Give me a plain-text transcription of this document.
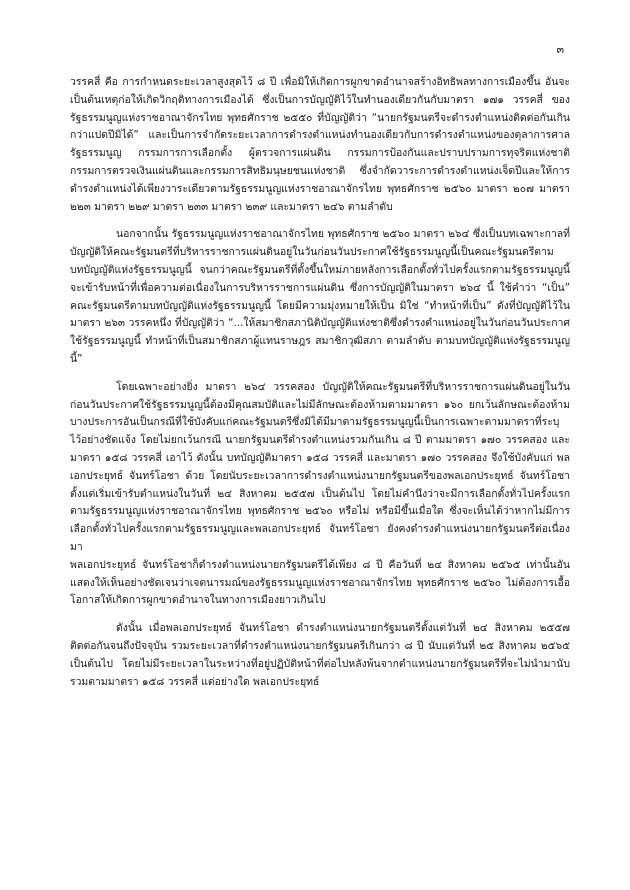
๓

วรรคสี่ คือ การกำหนดระยะเวลาสูงสุดไว้ ๘ ปี เพื่อมิให้เกิดการผูกขาดอำนาจสร้างอิทธิพลทางการเมืองขึ้น อันจะเป็นต้นเหตุก่อให้เกิดวิกฤติทางการเมืองได้ ซึ่งเป็นการบัญญัติไว้ในทำนองเดียวกันกับมาตรา ๑๗๑ วรรคสี่ ของรัฐธรรมนูญแห่งราชอาณาจักรไทย พุทธศักราช ๒๕๕๐ ที่บัญญัติว่า “นายกรัฐมนตรีจะดำรงตำแหน่งติดต่อกันเกินกว่าแปดปีมิได้” และเป็นการจำกัดระยะเวลาการดำรงตำแหน่งทำนองเดียวกับการดำรงตำแหน่งของตุลาการศาลรัฐธรรมนูญ กรรมการการเลือกตั้ง ผู้ตรวจการแผ่นดิน กรรมการป้องกันและปราบปรามการทุจริตแห่งชาติ กรรมการตรวจเงินแผ่นดินและกรรมการสิทธิมนุษยชนแห่งชาติ ซึ่งจำกัดวาระการดำรงตำแหน่งเจ็ดปีและให้การดำรงตำแหน่งได้เพียงวาระเดียวตามรัฐธรรมนูญแห่งราชอาณาจักรไทย พุทธศักราช ๒๕๖๐ มาตรา ๒๐๗ มาตรา ๒๒๓ มาตรา ๒๒๙ มาตรา ๒๓๓ มาตรา ๒๓๙ และมาตรา ๒๔๖ ตามลำดับ

นอกจากนั้น รัฐธรรมนูญแห่งราชอาณาจักรไทย พุทธศักราช ๒๕๖๐ มาตรา ๒๖๔ ซึ่งเป็นบทเฉพาะกาลที่บัญญัติให้คณะรัฐมนตรีที่บริหารราชการแผ่นดินอยู่ในวันก่อนวันประกาศใช้รัฐธรรมนูญนี้เป็นคณะรัฐมนตรีตามบทบัญญัติแห่งรัฐธรรมนูญนี้ จนกว่าคณะรัฐมนตรีที่ตั้งขึ้นใหม่ภายหลังการเลือกตั้งทั่วไปครั้งแรกตามรัฐธรรมนูญนี้จะเข้ารับหน้าที่เพื่อความต่อเนื่องในการบริหารราชการแผ่นดิน ซึ่งการบัญญัติในมาตรา ๒๖๔ นี้ ใช้คำว่า “เป็น” คณะรัฐมนตรีตามบทบัญญัติแห่งรัฐธรรมนูญนี้ โดยมีความมุ่งหมายให้เป็น มิใช่ “ทำหน้าที่เป็น” ดังที่บัญญัติไว้ในมาตรา ๒๖๓ วรรคหนึ่ง ที่บัญญัติว่า “...ให้สมาชิกสภานิติบัญญัติแห่งชาติซึ่งดำรงตำแหน่งอยู่ในวันก่อนวันประกาศใช้รัฐธรรมนูญนี้ ทำหน้าที่เป็นสมาชิกสภาผู้แทนราษฎร สมาชิกวุฒิสภา ตามลำดับ ตามบทบัญญัติแห่งรัฐธรรมนูญนี้”

โดยเฉพาะอย่างยิ่ง มาตรา ๒๖๔ วรรคสอง บัญญัติให้คณะรัฐมนตรีที่บริหารราชการแผ่นดินอยู่ในวันก่อนวันประกาศใช้รัฐธรรมนูญนี้ต้องมีคุณสมบัติและไม่มีลักษณะต้องห้ามตามมาตรา ๑๖๐ ยกเว้นลักษณะต้องห้ามบางประการอันเป็นกรณีที่ใช้บังคับแก่คณะรัฐมนตรีซึ่งมิได้มีมาตามรัฐธรรมนูญนี้เป็นการเฉพาะตามมาตราที่ระบุไว้อย่างชัดแจ้ง โดยไม่ยกเว้นกรณี นายกรัฐมนตรีดำรงตำแหน่งรวมกันเกิน ๘ ปี ตามมาตรา ๑๗๐ วรรคสอง และมาตรา ๑๕๘ วรรคสี่ เอาไว้ ดังนั้น บทบัญญัติมาตรา ๑๕๘ วรรคสี่ และมาตรา ๑๗๐ วรรคสอง จึงใช้บังคับแก่ พลเอกประยุทธ์ จันทร์โอชา ด้วย โดยนับระยะเวลาการดำรงตำแหน่งนายกรัฐมนตรีของพลเอกประยุทธ์ จันทร์โอชา ตั้งแต่เริ่มเข้ารับตำแหน่งในวันที่ ๒๔ สิงหาคม ๒๕๕๗ เป็นต้นไป โดยไม่คำนึงว่าจะมีการเลือกตั้งทั่วไปครั้งแรกตามรัฐธรรมนูญแห่งราชอาณาจักรไทย พุทธศักราช ๒๕๖๐ หรือไม่ หรือมีขึ้นเมื่อใด ซึ่งจะเห็นได้ว่าหากไม่มีการเลือกตั้งทั่วไปครั้งแรกตามรัฐธรรมนูญและพลเอกประยุทธ์ จันทร์โอชา ยังคงดำรงตำแหน่งนายกรัฐมนตรีต่อเนื่องมา

พลเอกประยุทธ์ จันทร์โอชาก็ดำรงตำแหน่งนายกรัฐมนตรีได้เพียง ๘ ปี คือวันที่ ๒๔ สิงหาคม ๒๕๖๕ เท่านั้นอันแสดงให้เห็นอย่างชัดเจนว่าเจตนารมณ์ของรัฐธรรมนูญแห่งราชอาณาจักรไทย พุทธศักราช ๒๕๖๐ ไม่ต้องการเอื้อโอกาสให้เกิดการผูกขาดอำนาจในทางการเมืองยาวเกินไป

ดังนั้น เมื่อพลเอกประยุทธ์ จันทร์โอชา ดำรงตำแหน่งนายกรัฐมนตรีตั้งแต่วันที่ ๒๔ สิงหาคม ๒๕๕๗ ติดต่อกันจนถึงปัจจุบัน รวมระยะเวลาที่ดำรงตำแหน่งนายกรัฐมนตรีเกินกว่า ๘ ปี นับแต่วันที่ ๒๕ สิงหาคม ๒๕๖๕ เป็นต้นไป โดยไม่มีระยะเวลาในระหว่างที่อยู่ปฏิบัติหน้าที่ต่อไปหลังพ้นจากตำแหน่งนายกรัฐมนตรีที่จะไม่นำมานับรวมตามมาตรา ๑๕๘ วรรคสี่ แต่อย่างใด พลเอกประยุทธ์
